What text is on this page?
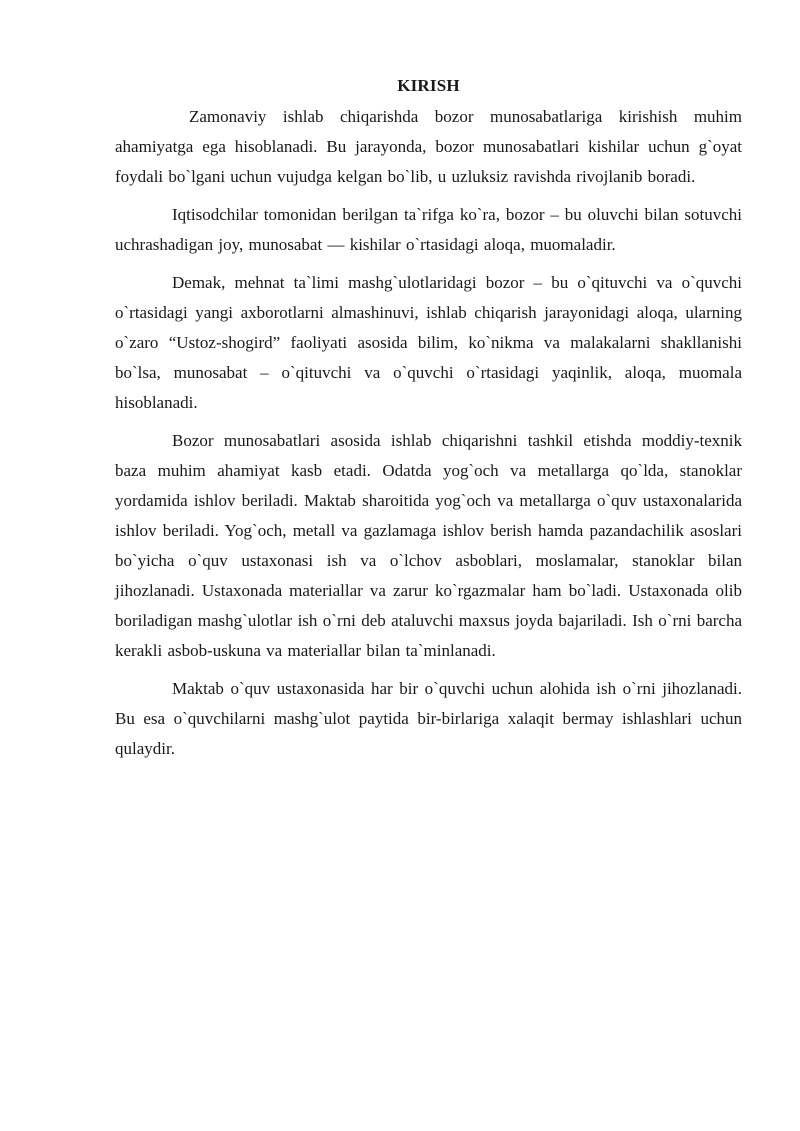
KIRISH

Zamonaviy ishlab chiqarishda bozor munosabatlariga kirishish muhim ahamiyatga ega hisoblanadi. Bu jarayonda, bozor munosabatlari kishilar uchun g`oyat foydali bo`lgani uchun vujudga kelgan bo`lib, u uzluksiz ravishda rivojlanib boradi.

Iqtisodchilar tomonidan berilgan ta`rifga ko`ra, bozor – bu oluvchi bilan sotuvchi uchrashadigan joy, munosabat — kishilar o`rtasidagi aloqa, muomaladir.

Demak, mehnat ta`limi mashg`ulotlaridagi bozor – bu o`qituvchi va o`quvchi o`rtasidagi yangi axborotlarni almashinuvi, ishlab chiqarish jarayonidagi aloqa, ularning o`zaro “Ustoz-shogird” faoliyati asosida bilim, ko`nikma va malakalarni shakllanishi bo`lsa, munosabat – o`qituvchi va o`quvchi o`rtasidagi yaqinlik, aloqa, muomala hisoblanadi.

Bozor munosabatlari asosida ishlab chiqarishni tashkil etishda moddiy-texnik baza muhim ahamiyat kasb etadi. Odatda yog`och va metallarga qo`lda, stanoklar yordamida ishlov beriladi. Maktab sharoitida yog`och va metallarga o`quv ustaxonalarida ishlov beriladi. Yog`och, metall va gazlamaga ishlov berish hamda pazandachilik asoslari bo`yicha o`quv ustaxonasi ish va o`lchov asboblari, moslamalar, stanoklar bilan jihozlanadi. Ustaxonada materiallar va zarur ko`rgazmalar ham bo`ladi. Ustaxonada olib boriladigan mashg`ulotlar ish o`rni deb ataluvchi maxsus joyda bajariladi. Ish o`rni barcha kerakli asbob-uskuna va materiallar bilan ta`minlanadi.

Maktab o`quv ustaxonasida har bir o`quvchi uchun alohida ish o`rni jihozlanadi. Bu esa o`quvchilarni mashg`ulot paytida bir-birlariga xalaqit bermay ishlashlari uchun qulaydir.
